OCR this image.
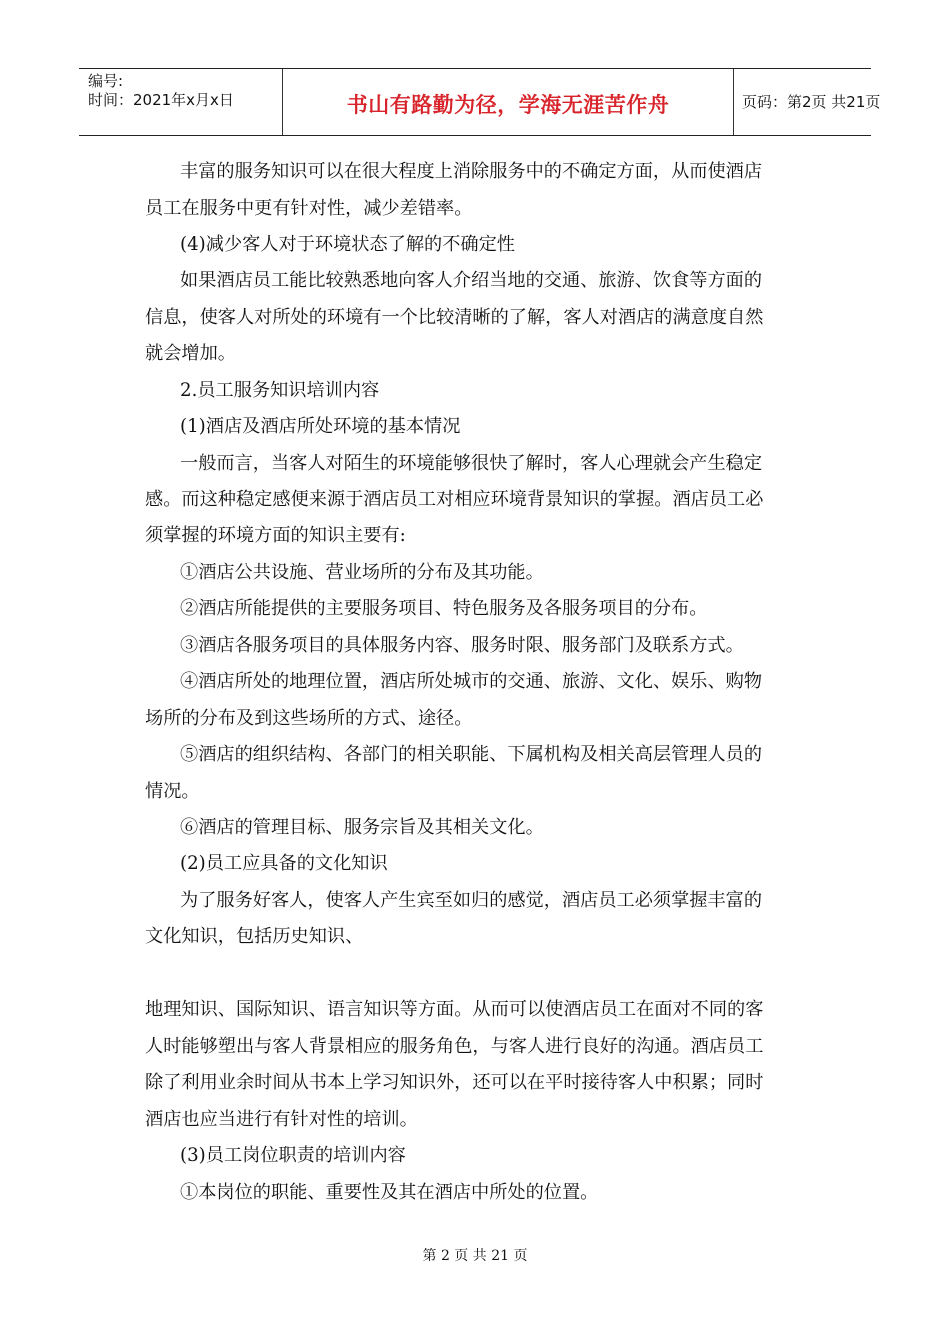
编号:
时间：2021年x月x日	书山有路勤为径，学海无涯苦作舟	页码：第2页 共21页
丰富的服务知识可以在很大程度上消除服务中的不确定方面，从而使酒店
员工在服务中更有针对性，减少差错率。
(4)减少客人对于环境状态了解的不确定性
如果酒店员工能比较熟悉地向客人介绍当地的交通、旅游、饮食等方面的
信息，使客人对所处的环境有一个比较清晰的了解，客人对酒店的满意度自然
就会增加。
2.员工服务知识培训内容
(1)酒店及酒店所处环境的基本情况
一般而言，当客人对陌生的环境能够很快了解时，客人心理就会产生稳定
感。而这种稳定感便来源于酒店员工对相应环境背景知识的掌握。酒店员工必
须掌握的环境方面的知识主要有:
①酒店公共设施、营业场所的分布及其功能。
②酒店所能提供的主要服务项目、特色服务及各服务项目的分布。
③酒店各服务项目的具体服务内容、服务时限、服务部门及联系方式。
④酒店所处的地理位置，酒店所处城市的交通、旅游、文化、娱乐、购物
场所的分布及到这些场所的方式、途径。
⑤酒店的组织结构、各部门的相关职能、下属机构及相关高层管理人员的
情况。
⑥酒店的管理目标、服务宗旨及其相关文化。
(2)员工应具备的文化知识
为了服务好客人，使客人产生宾至如归的感觉，酒店员工必须掌握丰富的
文化知识，包括历史知识、
地理知识、国际知识、语言知识等方面。从而可以使酒店员工在面对不同的客
人时能够塑出与客人背景相应的服务角色，与客人进行良好的沟通。酒店员工
除了利用业余时间从书本上学习知识外，还可以在平时接待客人中积累；同时
酒店也应当进行有针对性的培训。
(3)员工岗位职责的培训内容
①本岗位的职能、重要性及其在酒店中所处的位置。
第 2 页 共 21 页
